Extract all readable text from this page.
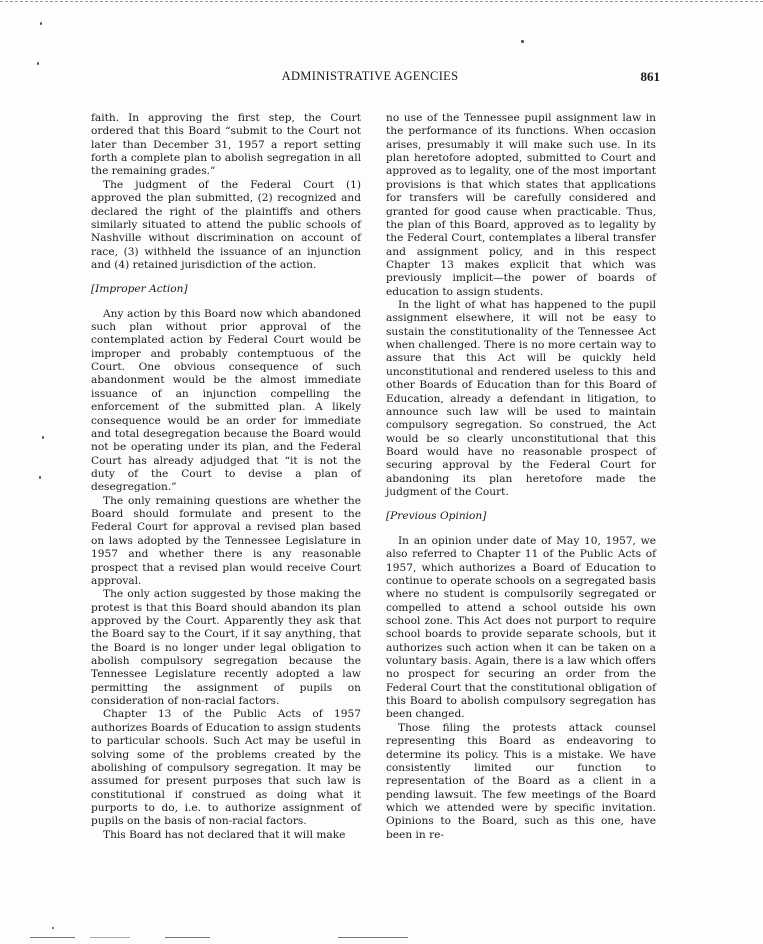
ADMINISTRATIVE AGENCIES	861

faith. In approving the first step, the Court ordered that this Board “submit to the Court not later than December 31, 1957 a report setting forth a complete plan to abolish segregation in all the remaining grades.”

The judgment of the Federal Court (1) approved the plan submitted, (2) recognized and declared the right of the plaintiffs and others similarly situated to attend the public schools of Nashville without discrimination on account of race, (3) withheld the issuance of an injunction and (4) retained jurisdiction of the action.

[Improper Action]

Any action by this Board now which abandoned such plan without prior approval of the contemplated action by Federal Court would be improper and probably contemptuous of the Court. One obvious consequence of such abandonment would be the almost immediate issuance of an injunction compelling the enforcement of the submitted plan. A likely consequence would be an order for immediate and total desegregation because the Board would not be operating under its plan, and the Federal Court has already adjudged that “it is not the duty of the Court to devise a plan of desegregation.”

The only remaining questions are whether the Board should formulate and present to the Federal Court for approval a revised plan based on laws adopted by the Tennessee Legislature in 1957 and whether there is any reasonable prospect that a revised plan would receive Court approval.

The only action suggested by those making the protest is that this Board should abandon its plan approved by the Court. Apparently they ask that the Board say to the Court, if it say anything, that the Board is no longer under legal obligation to abolish compulsory segregation because the Tennessee Legislature recently adopted a law permitting the assignment of pupils on consideration of non-racial factors.

Chapter 13 of the Public Acts of 1957 authorizes Boards of Education to assign students to particular schools. Such Act may be useful in solving some of the problems created by the abolishing of compulsory segregation. It may be assumed for present purposes that such law is constitutional if construed as doing what it purports to do, i.e. to authorize assignment of pupils on the basis of non-racial factors.

This Board has not declared that it will make

no use of the Tennessee pupil assignment law in the performance of its functions. When occasion arises, presumably it will make such use. In its plan heretofore adopted, submitted to Court and approved as to legality, one of the most important provisions is that which states that applications for transfers will be carefully considered and granted for good cause when practicable. Thus, the plan of this Board, approved as to legality by the Federal Court, contemplates a liberal transfer and assignment policy, and in this respect Chapter 13 makes explicit that which was previously implicit—the power of boards of education to assign students.

In the light of what has happened to the pupil assignment elsewhere, it will not be easy to sustain the constitutionality of the Tennessee Act when challenged. There is no more certain way to assure that this Act will be quickly held unconstitutional and rendered useless to this and other Boards of Education than for this Board of Education, already a defendant in litigation, to announce such law will be used to maintain compulsory segregation. So construed, the Act would be so clearly unconstitutional that this Board would have no reasonable prospect of securing approval by the Federal Court for abandoning its plan heretofore made the judgment of the Court.

[Previous Opinion]

In an opinion under date of May 10, 1957, we also referred to Chapter 11 of the Public Acts of 1957, which authorizes a Board of Education to continue to operate schools on a segregated basis where no student is compulsorily segregated or compelled to attend a school outside his own school zone. This Act does not purport to require school boards to provide separate schools, but it authorizes such action when it can be taken on a voluntary basis. Again, there is a law which offers no prospect for securing an order from the Federal Court that the constitutional obligation of this Board to abolish compulsory segregation has been changed.

Those filing the protests attack counsel representing this Board as endeavoring to determine its policy. This is a mistake. We have consistently limited our function to representation of the Board as a client in a pending lawsuit. The few meetings of the Board which we attended were by specific invitation. Opinions to the Board, such as this one, have been in re-
